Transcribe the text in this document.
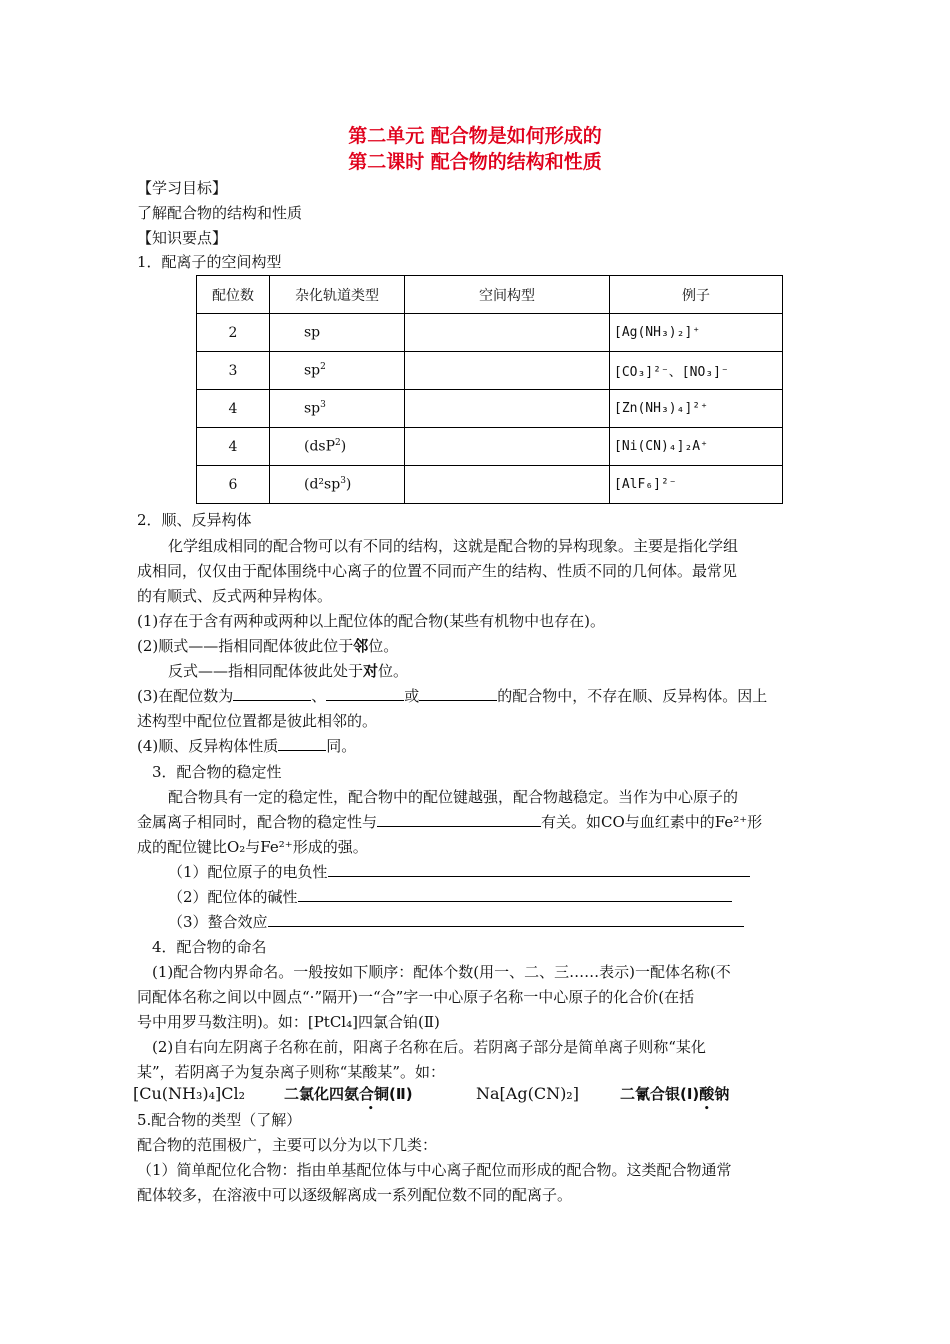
第二单元 配合物是如何形成的
第二课时 配合物的结构和性质
【学习目标】
了解配合物的结构和性质
【知识要点】
1．配离子的空间构型
配位数	杂化轨道类型	空间构型	例子
2	sp		[Ag(NH₃)₂]⁺
3	$sp^2$		[CO₃]²⁻、[NO₃]⁻
4	$sp^3$		[Zn(NH₃)₄]²⁺
4	(dsP$^2$)		[Ni(CN)₄]₂A⁺
6	$(d^2sp^3)$		[AlF₆]²⁻
2．顺、反异构体
化学组成相同的配合物可以有不同的结构，这就是配合物的异构现象。主要是指化学组
成相同，仅仅由于配体围绕中心离子的位置不同而产生的结构、性质不同的几何体。最常见
的有顺式、反式两种异构体。
(1)存在于含有两种或两种以上配位体的配合物(某些有机物中也存在)。
(2)顺式——指相同配体彼此位于邻位。
反式——指相同配体彼此处于对位。
(3)在配位数为	、	或	的配合物中，不存在顺、反异构体。因上
述构型中配位位置都是彼此相邻的。
(4)顺、反异构体性质	同。
3．配合物的稳定性
配合物具有一定的稳定性，配合物中的配位键越强，配合物越稳定。当作为中心原子的
金属离子相同时，配合物的稳定性与	有关。如CO与血红素中的Fe²⁺形
成的配位键比O₂与Fe²⁺形成的强。
（1）配位原子的电负性
（2）配位体的碱性
（3）螯合效应
4．配合物的命名
(1)配合物内界命名。一般按如下顺序：配体个数(用一、二、三……表示)一配体名称(不
同配体名称之间以中圆点“·”隔开)一“合”字一中心原子名称一中心原子的化合价(在括
号中用罗马数注明)。如：[PtCl₄]四氯合铂(Ⅱ)
(2)自右向左阴离子名称在前，阳离子名称在后。若阴离子部分是简单离子则称“某化
某”，若阴离子为复杂离子则称“某酸某”。如：
[Cu(NH₃)₄]Cl₂	二氯化四氨合铜(Ⅱ) •	Na[Ag(CN)₂]	二氰合银(Ⅰ)酸钠
5.配合物的类型（了解）
配合物的范围极广，主要可以分为以下几类：
（1）简单配位化合物：指由单基配位体与中心离子配位而形成的配合物。这类配合物通常
配体较多，在溶液中可以逐级解离成一系列配位数不同的配离子。
